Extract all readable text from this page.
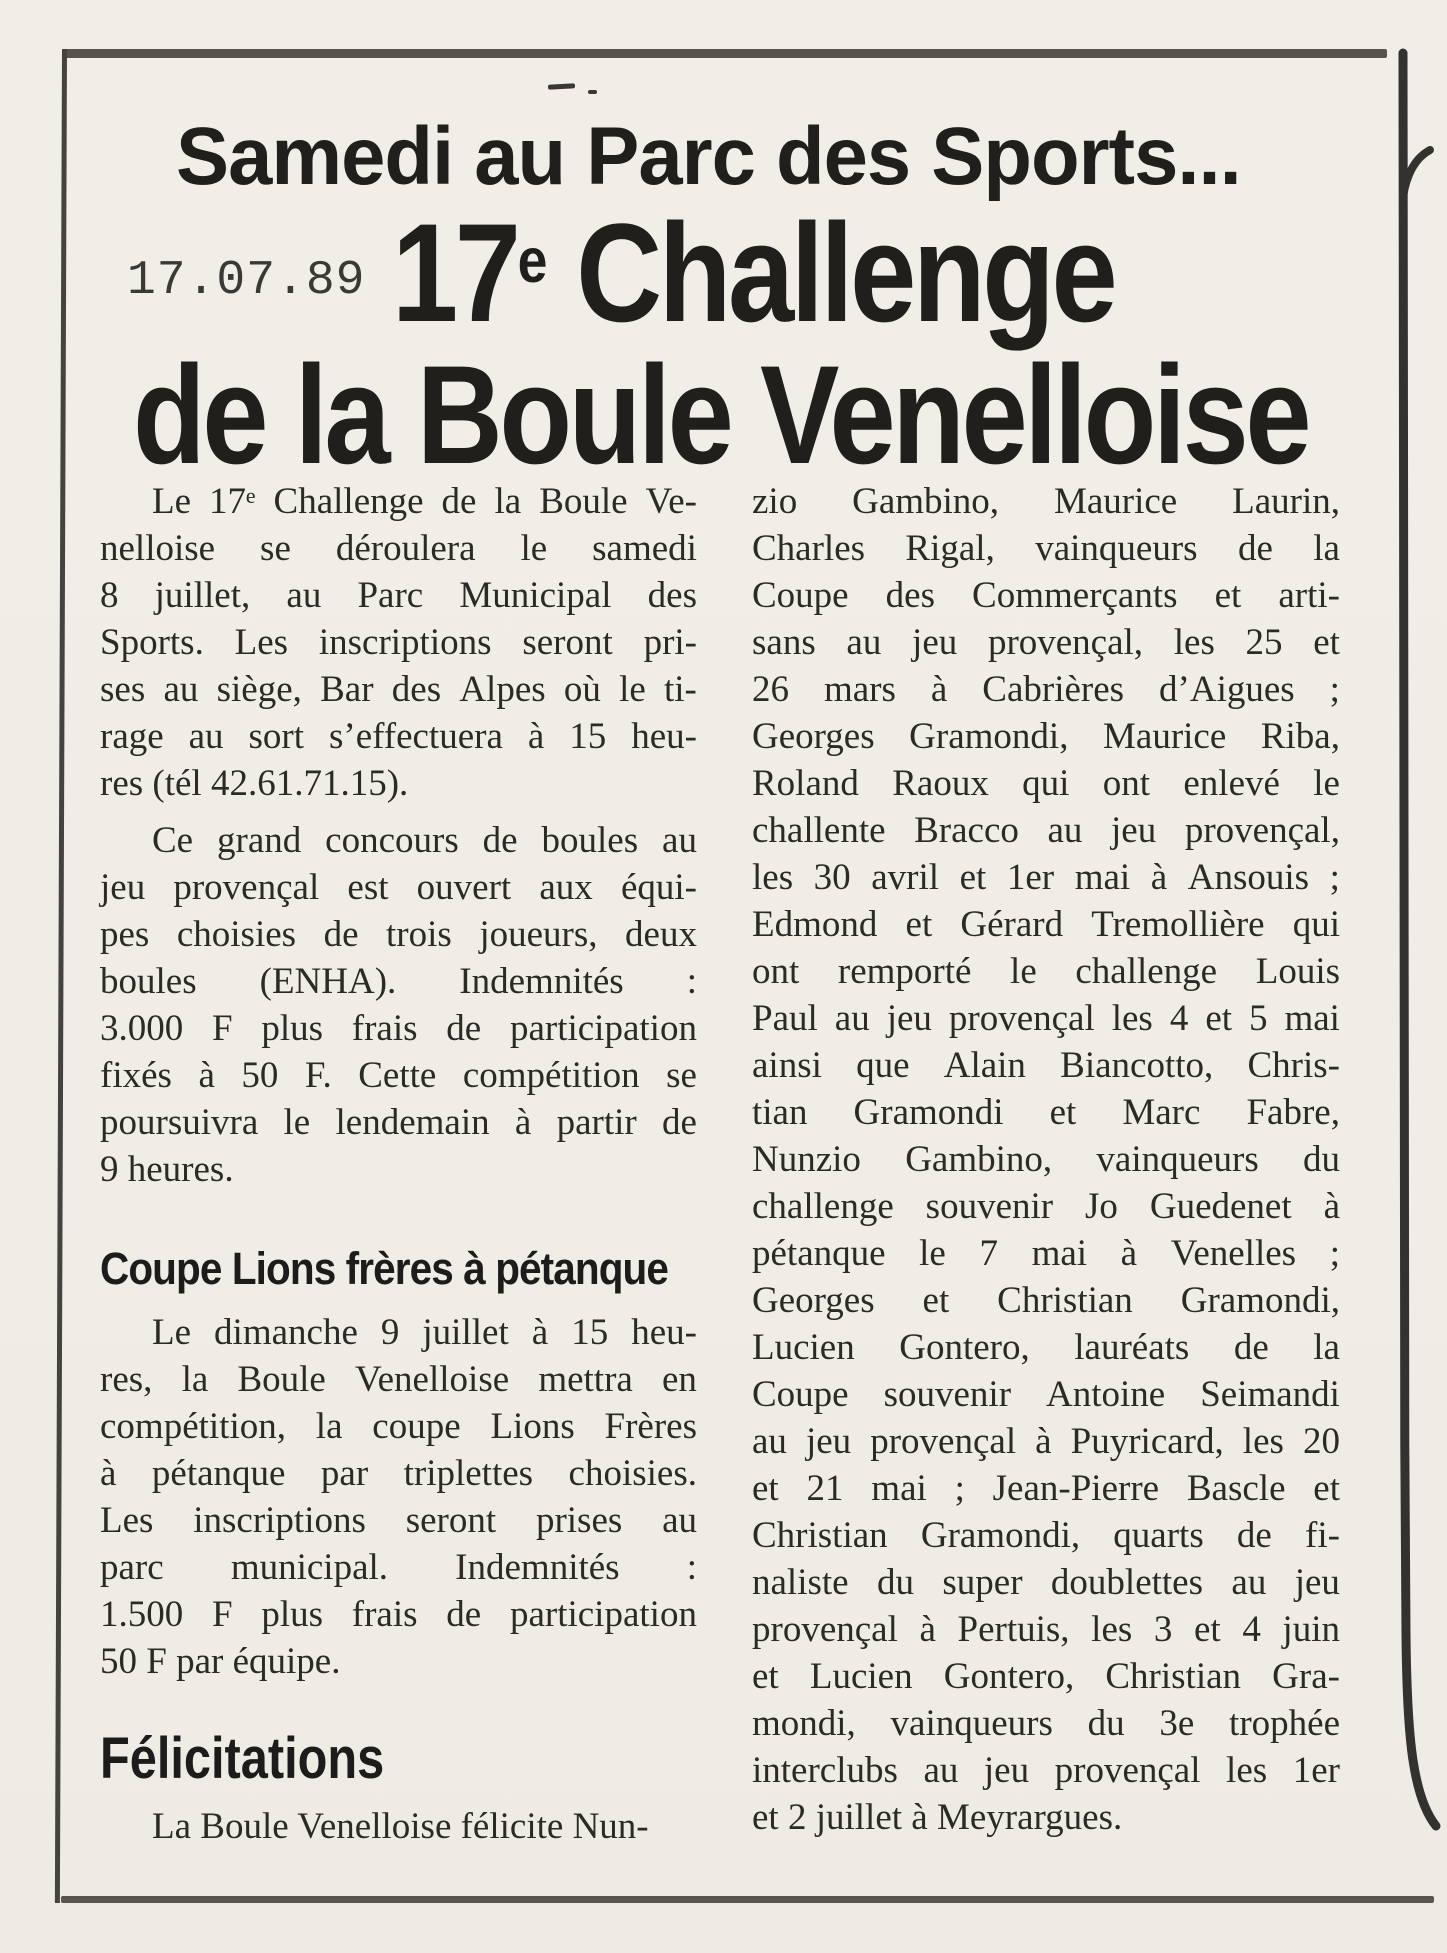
Samedi au Parc des Sports...
17.07.89 17e Challenge
de la Boule Venelloise
Le 17ᵉ Challenge de la Boule Ve-
nelloise se déroulera le samedi
8 juillet, au Parc Municipal des
Sports. Les inscriptions seront pri-
ses au siège, Bar des Alpes où le ti-
rage au sort s’effectuera à 15 heu-
res (tél 42.61.71.15).
Ce grand concours de boules au
jeu provençal est ouvert aux équi-
pes choisies de trois joueurs, deux
boules (ENHA). Indemnités :
3.000 F plus frais de participation
fixés à 50 F. Cette compétition se
poursuivra le lendemain à partir de
9 heures.
Coupe Lions frères à pétanque
Le dimanche 9 juillet à 15 heu-
res, la Boule Venelloise mettra en
compétition, la coupe Lions Frères
à pétanque par triplettes choisies.
Les inscriptions seront prises au
parc municipal. Indemnités :
1.500 F plus frais de participation
50 F par équipe.
Félicitations
La Boule Venelloise félicite Nun-
zio Gambino, Maurice Laurin,
Charles Rigal, vainqueurs de la
Coupe des Commerçants et arti-
sans au jeu provençal, les 25 et
26 mars à Cabrières d’Aigues ;
Georges Gramondi, Maurice Riba,
Roland Raoux qui ont enlevé le
challente Bracco au jeu provençal,
les 30 avril et 1er mai à Ansouis ;
Edmond et Gérard Tremollière qui
ont remporté le challenge Louis
Paul au jeu provençal les 4 et 5 mai
ainsi que Alain Biancotto, Chris-
tian Gramondi et Marc Fabre,
Nunzio Gambino, vainqueurs du
challenge souvenir Jo Guedenet à
pétanque le 7 mai à Venelles ;
Georges et Christian Gramondi,
Lucien Gontero, lauréats de la
Coupe souvenir Antoine Seimandi
au jeu provençal à Puyricard, les 20
et 21 mai ; Jean-Pierre Bascle et
Christian Gramondi, quarts de fi-
naliste du super doublettes au jeu
provençal à Pertuis, les 3 et 4 juin
et Lucien Gontero, Christian Gra-
mondi, vainqueurs du 3e trophée
interclubs au jeu provençal les 1er
et 2 juillet à Meyrargues.
